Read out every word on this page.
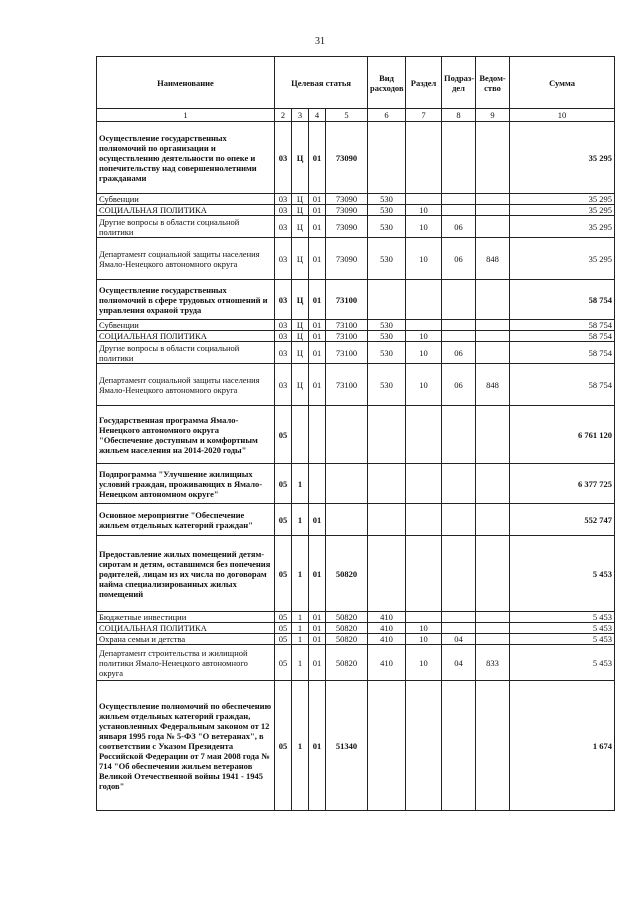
31
Наименование	Целевая статья				Вид расходов	Раздел	Подраз-дел	Ведом-ство	Сумма
1	2	3	4	5	6	7	8	9	10
Осуществление государственных полномочий по организации и осуществлению деятельности по опеке и попечительству над совершеннолетними гражданами	03	Ц	01	73090					35 295
Субвенции	03	Ц	01	73090	530				35 295
СОЦИАЛЬНАЯ ПОЛИТИКА	03	Ц	01	73090	530	10			35 295
Другие вопросы в области социальной политики	03	Ц	01	73090	530	10	06		35 295
Департамент социальной защиты населения Ямало-Ненецкого автономного округа	03	Ц	01	73090	530	10	06	848	35 295
Осуществление государственных полномочий в сфере трудовых отношений и управления охраной труда	03	Ц	01	73100					58 754
Субвенции	03	Ц	01	73100	530				58 754
СОЦИАЛЬНАЯ ПОЛИТИКА	03	Ц	01	73100	530	10			58 754
Другие вопросы в области социальной политики	03	Ц	01	73100	530	10	06		58 754
Департамент социальной защиты населения Ямало-Ненецкого автономного округа	03	Ц	01	73100	530	10	06	848	58 754
Государственная программа Ямало-Ненецкого автономного округа "Обеспечение доступным и комфортным жильем населения на 2014-2020 годы"	05								6 761 120
Подпрограмма "Улучшение жилищных условий граждан, проживающих в Ямало-Ненецком автономном округе"	05	1							6 377 725
Основное мероприятие "Обеспечение жильем отдельных категорий граждан"	05	1	01						552 747
Предоставление жилых помещений детям-сиротам и детям, оставшимся без попечения родителей, лицам из их числа по договорам найма специализированных жилых помещений	05	1	01	50820					5 453
Бюджетные инвестиции	05	1	01	50820	410				5 453
СОЦИАЛЬНАЯ ПОЛИТИКА	05	1	01	50820	410	10			5 453
Охрана семьи и детства	05	1	01	50820	410	10	04		5 453
Департамент строительства и жилищной политики Ямало-Ненецкого автономного округа	05	1	01	50820	410	10	04	833	5 453
Осуществление полномочий по обеспечению жильем отдельных категорий граждан, установленных Федеральным законом от 12 января 1995 года № 5-ФЗ "О ветеранах", в соответствии с Указом Президента Российской Федерации от 7 мая 2008 года № 714 "Об обеспечении жильем ветеранов Великой Отечественной войны 1941 - 1945 годов"	05	1	01	51340					1 674
